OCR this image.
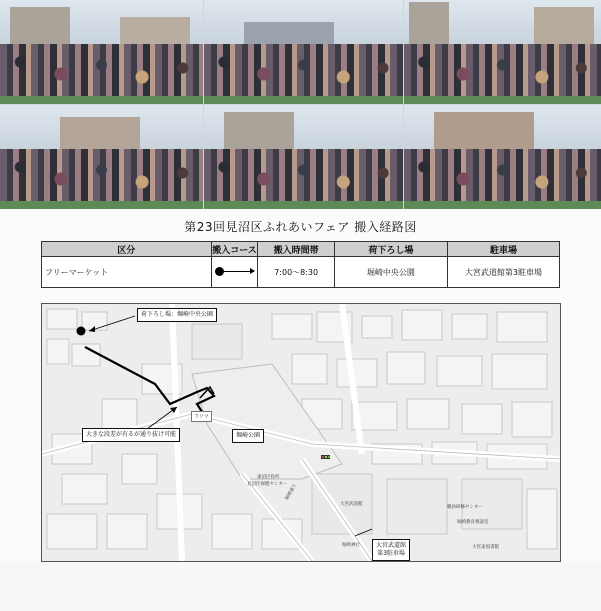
第23回見沼区ふれあいフェア 搬入経路図
区分	搬入コース	搬入時間帯	荷下ろし場	駐車場
フリーマーケット		7:00～8:30	堀崎中央公園	大宮武道館第3駐車場
荷下ろし場：堀崎中央公園
大きな段差が有るが通り抜け可能
フリマ
堀崎公園
大宮武道館
第3駐車場
東沼区役所
見沼区保健センター
大宮武道館
堀崎神社
職員研修センター
堀崎教育相談室
大宮東図書館
堀崎通り
